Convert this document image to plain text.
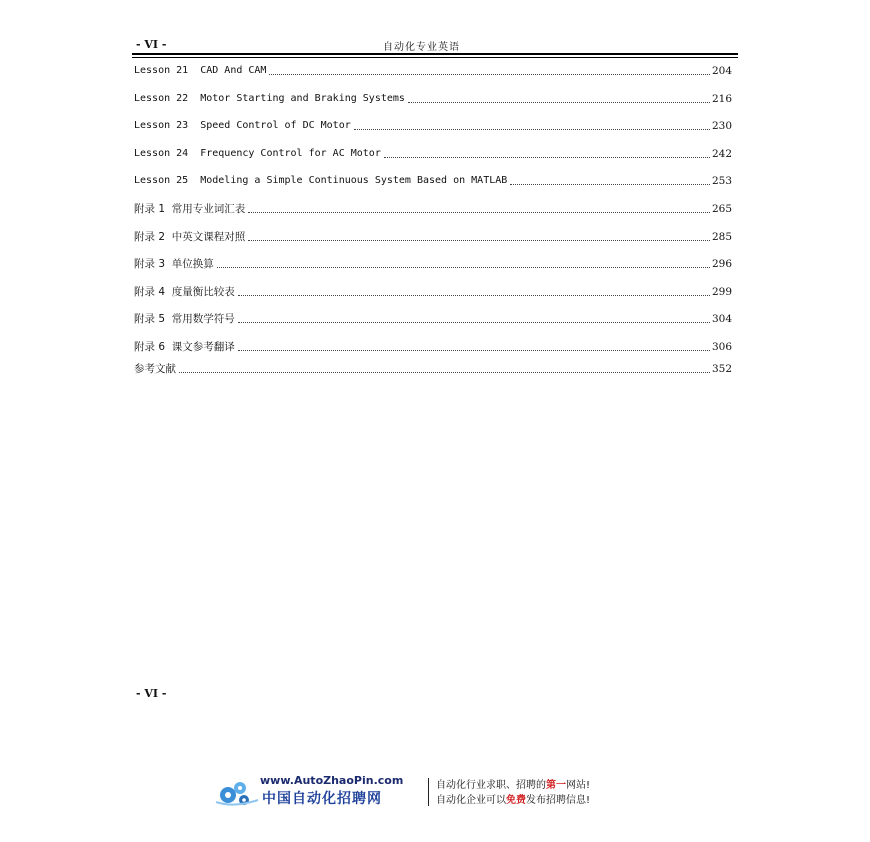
- VI -	自动化专业英语
Lesson 21  CAD And CAM	204
Lesson 22  Motor Starting and Braking Systems	216
Lesson 23  Speed Control of DC Motor	230
Lesson 24  Frequency Control for AC Motor	242
Lesson 25  Modeling a Simple Continuous System Based on MATLAB	253
附录 1  常用专业词汇表	265
附录 2  中英文课程对照	285
附录 3  单位换算	296
附录 4  度量衡比较表	299
附录 5  常用数学符号	304
附录 6  课文参考翻译	306
参考文献	352
- VI -
www.AutoZhaoPin.com
中国自动化招聘网
自动化行业求职、招聘的第一网站!
自动化企业可以免费发布招聘信息!
